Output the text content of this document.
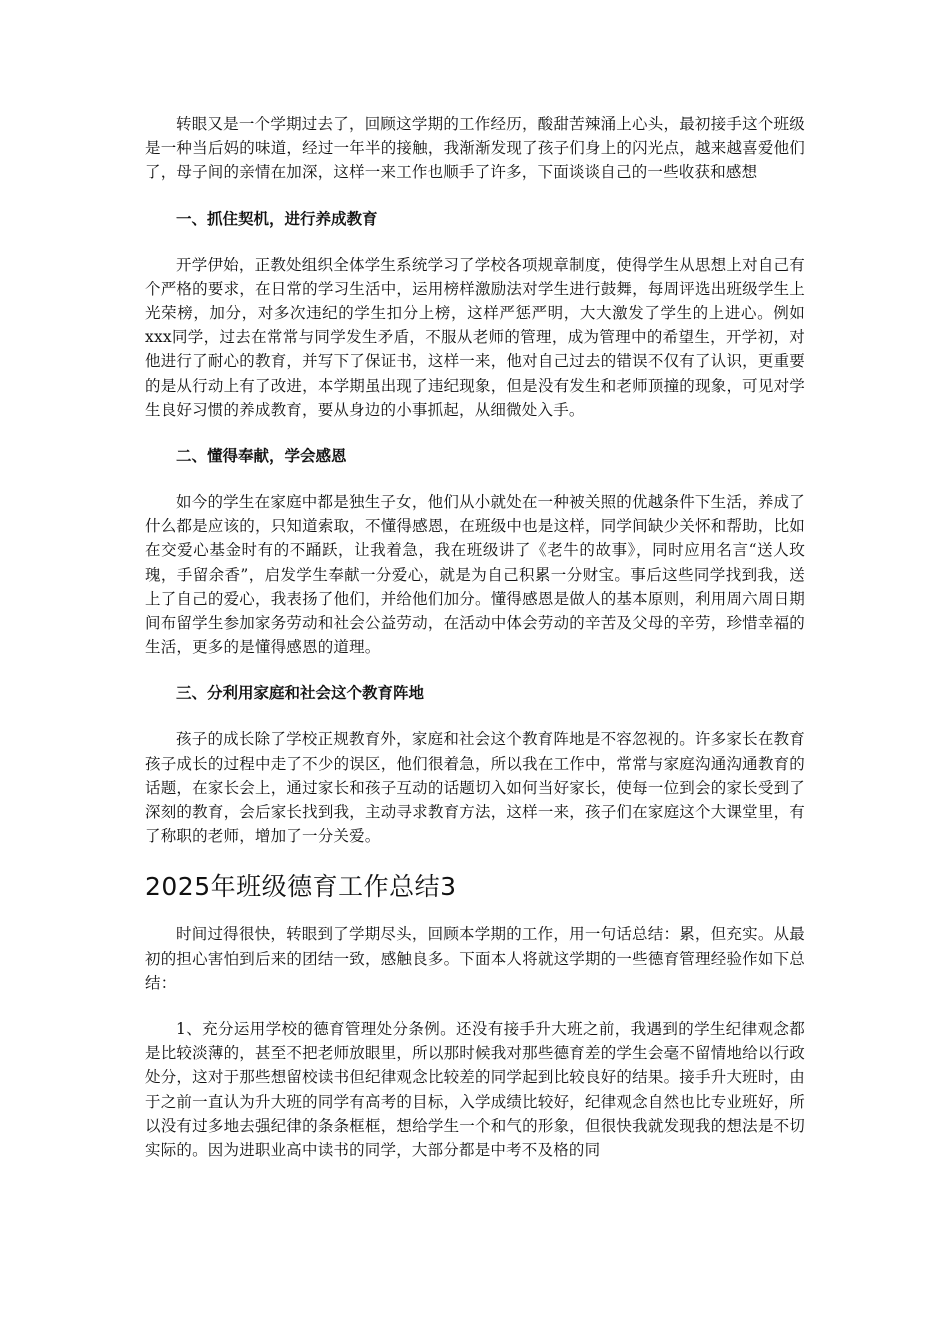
转眼又是一个学期过去了，回顾这学期的工作经历，酸甜苦辣涌上心头，最初接手这个班级是一种当后妈的味道，经过一年半的接触，我渐渐发现了孩子们身上的闪光点，越来越喜爱他们了，母子间的亲情在加深，这样一来工作也顺手了许多，下面谈谈自己的一些收获和感想

一、抓住契机，进行养成教育

开学伊始，正教处组织全体学生系统学习了学校各项规章制度，使得学生从思想上对自己有个严格的要求，在日常的学习生活中，运用榜样激励法对学生进行鼓舞，每周评选出班级学生上光荣榜，加分，对多次违纪的学生扣分上榜，这样严惩严明，大大激发了学生的上进心。例如xxx同学，过去在常常与同学发生矛盾，不服从老师的管理，成为管理中的希望生，开学初，对他进行了耐心的教育，并写下了保证书，这样一来，他对自己过去的错误不仅有了认识，更重要的是从行动上有了改进，本学期虽出现了违纪现象，但是没有发生和老师顶撞的现象，可见对学生良好习惯的养成教育，要从身边的小事抓起，从细微处入手。

二、懂得奉献，学会感恩

如今的学生在家庭中都是独生子女，他们从小就处在一种被关照的优越条件下生活，养成了什么都是应该的，只知道索取，不懂得感恩，在班级中也是这样，同学间缺少关怀和帮助，比如在交爱心基金时有的不踊跃，让我着急，我在班级讲了《老牛的故事》，同时应用名言“送人玫瑰，手留余香”，启发学生奉献一分爱心，就是为自己积累一分财宝。事后这些同学找到我，送上了自己的爱心，我表扬了他们，并给他们加分。懂得感恩是做人的基本原则，利用周六周日期间布留学生参加家务劳动和社会公益劳动，在活动中体会劳动的辛苦及父母的辛劳，珍惜幸福的生活，更多的是懂得感恩的道理。

三、分利用家庭和社会这个教育阵地

孩子的成长除了学校正规教育外，家庭和社会这个教育阵地是不容忽视的。许多家长在教育孩子成长的过程中走了不少的误区，他们很着急，所以我在工作中，常常与家庭沟通沟通教育的话题，在家长会上，通过家长和孩子互动的话题切入如何当好家长，使每一位到会的家长受到了深刻的教育，会后家长找到我，主动寻求教育方法，这样一来，孩子们在家庭这个大课堂里，有了称职的老师，增加了一分关爱。

2025年班级德育工作总结3

时间过得很快，转眼到了学期尽头，回顾本学期的工作，用一句话总结：累，但充实。从最初的担心害怕到后来的团结一致，感触良多。下面本人将就这学期的一些德育管理经验作如下总结：

1、充分运用学校的德育管理处分条例。还没有接手升大班之前，我遇到的学生纪律观念都是比较淡薄的，甚至不把老师放眼里，所以那时候我对那些德育差的学生会毫不留情地给以行政处分，这对于那些想留校读书但纪律观念比较差的同学起到比较良好的结果。接手升大班时，由于之前一直认为升大班的同学有高考的目标，入学成绩比较好，纪律观念自然也比专业班好，所以没有过多地去强纪律的条条框框，想给学生一个和气的形象，但很快我就发现我的想法是不切实际的。因为进职业高中读书的同学，大部分都是中考不及格的同
